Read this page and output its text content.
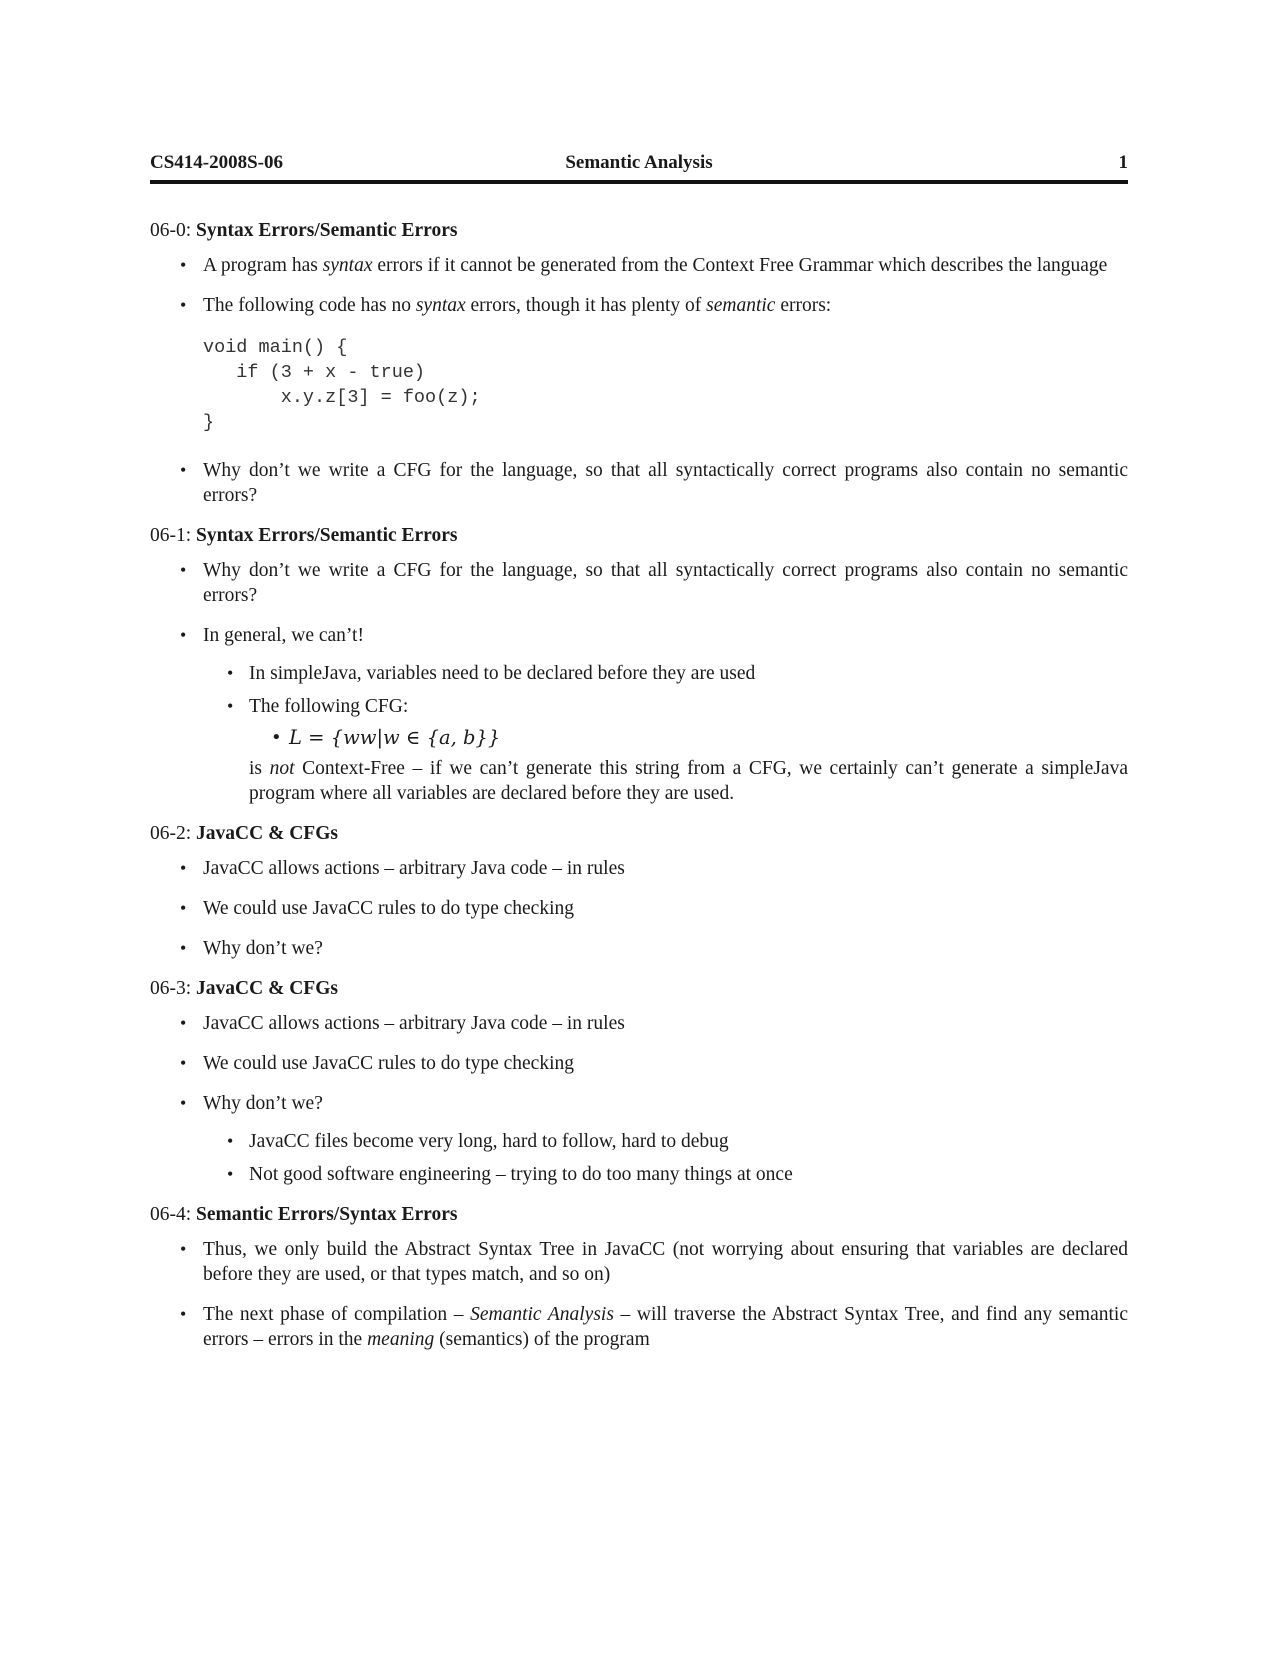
CS414-2008S-06	Semantic Analysis	1
06-0: Syntax Errors/Semantic Errors
• A program has syntax errors if it cannot be generated from the Context Free Grammar which describes the language
• The following code has no syntax errors, though it has plenty of semantic errors:
void main() {
if (3 + x - true)
x.y.z[3] = foo(z);
}
• Why don’t we write a CFG for the language, so that all syntactically correct programs also contain no semantic errors?
06-1: Syntax Errors/Semantic Errors
• Why don’t we write a CFG for the language, so that all syntactically correct programs also contain no semantic errors?
• In general, we can’t!
• In simpleJava, variables need to be declared before they are used
• The following CFG:
• L = {ww|w ∈ {a, b}}
is not Context-Free – if we can’t generate this string from a CFG, we certainly can’t generate a simpleJava program where all variables are declared before they are used.
06-2: JavaCC & CFGs
• JavaCC allows actions – arbitrary Java code – in rules
• We could use JavaCC rules to do type checking
• Why don’t we?
06-3: JavaCC & CFGs
• JavaCC allows actions – arbitrary Java code – in rules
• We could use JavaCC rules to do type checking
• Why don’t we?
• JavaCC files become very long, hard to follow, hard to debug
• Not good software engineering – trying to do too many things at once
06-4: Semantic Errors/Syntax Errors
• Thus, we only build the Abstract Syntax Tree in JavaCC (not worrying about ensuring that variables are declared before they are used, or that types match, and so on)
• The next phase of compilation – Semantic Analysis – will traverse the Abstract Syntax Tree, and find any semantic errors – errors in the meaning (semantics) of the program
